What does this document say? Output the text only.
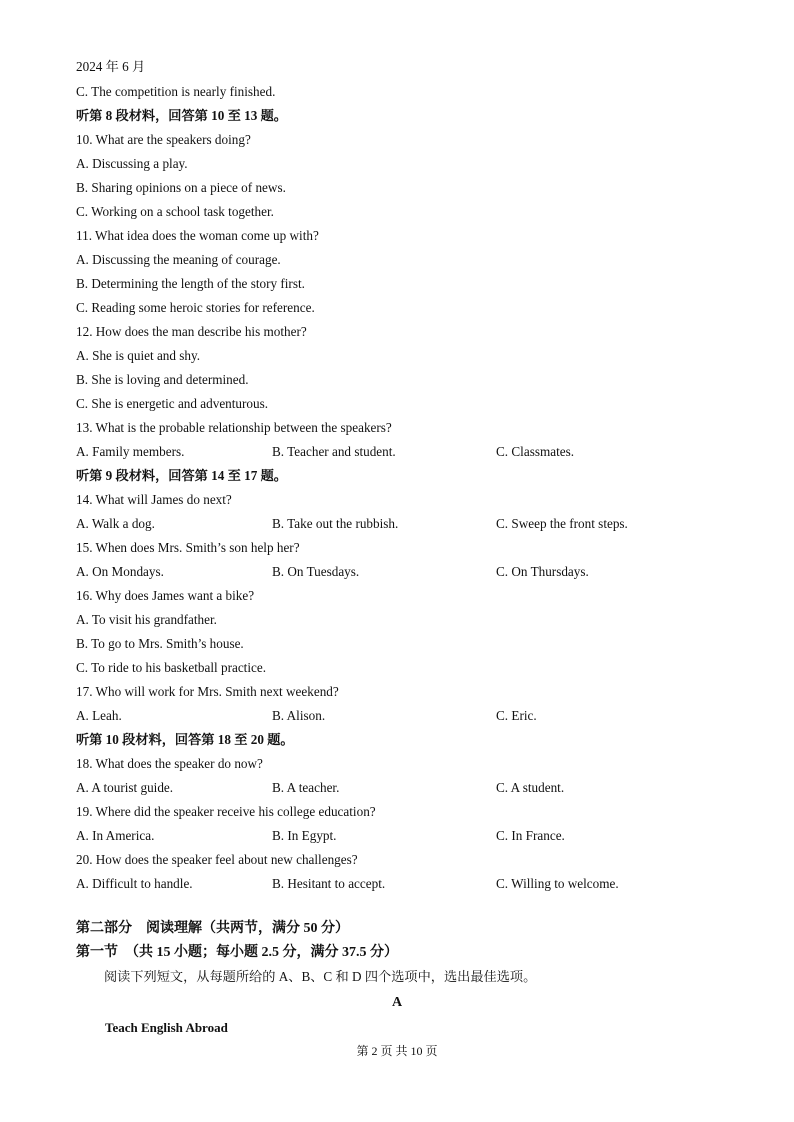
2024 年 6 月
C. The competition is nearly finished.
听第 8 段材料，回答第 10 至 13 题。
10. What are the speakers doing?
A. Discussing a play.
B. Sharing opinions on a piece of news.
C. Working on a school task together.
11. What idea does the woman come up with?
A. Discussing the meaning of courage.
B. Determining the length of the story first.
C. Reading some heroic stories for reference.
12. How does the man describe his mother?
A. She is quiet and shy.
B. She is loving and determined.
C. She is energetic and adventurous.
13. What is the probable relationship between the speakers?
A. Family members.	B. Teacher and student.	C. Classmates.
听第 9 段材料，回答第 14 至 17 题。
14. What will James do next?
A. Walk a dog.	B. Take out the rubbish.	C. Sweep the front steps.
15. When does Mrs. Smith’s son help her?
A. On Mondays.	B. On Tuesdays.	C. On Thursdays.
16. Why does James want a bike?
A. To visit his grandfather.
B. To go to Mrs. Smith’s house.
C. To ride to his basketball practice.
17. Who will work for Mrs. Smith next weekend?
A. Leah.	B. Alison.	C. Eric.
听第 10 段材料，回答第 18 至 20 题。
18. What does the speaker do now?
A. A tourist guide.	B. A teacher.	C. A student.
19. Where did the speaker receive his college education?
A. In America.	B. In Egypt.	C. In France.
20. How does the speaker feel about new challenges?
A. Difficult to handle.	B. Hesitant to accept.	C. Willing to welcome.
第二部分　阅读理解（共两节，满分 50 分）
第一节　（共 15 小题；每小题 2.5 分，满分 37.5 分）
阅读下列短文，从每题所给的 A、B、C 和 D 四个选项中，选出最佳选项。
A
Teach English Abroad
第 2 页 共 10 页
